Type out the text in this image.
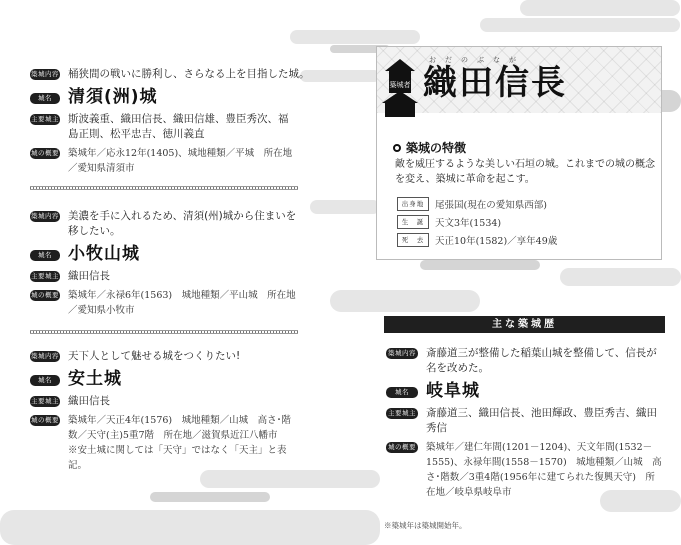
築城内容 桶狭間の戦いに勝利し、さらなる上を目指した城。
城名 清須(洲)城
主要城主 斯波義重、織田信長、織田信雄、豊臣秀次、福島正則、松平忠吉、徳川義直
城の概要 築城年／応永12年(1405)、城地種類／平城　所在地／愛知県清須市
築城内容 美濃を手に入れるため、清須(州)城から住まいを移したい。
城名 小牧山城
主要城主 織田信長
城の概要 築城年／永禄6年(1563)　城地種類／平山城　所在地／愛知県小牧市
築城内容 天下人として魅せる城をつくりたい!
城名 安土城
主要城主 織田信長
城の概要 築城年／天正4年(1576)　城地種類／山城　高さ･階数／天守(主)5重7階　所在地／滋賀県近江八幡市
※安土城に関しては「天守」ではなく「天主」と表記。
築城者
おだのぶなが
織田信長
築城の特徴
敵を威圧するような美しい石垣の城。これまでの城の概念を変え、築城に革命を起こす。
出身地	尾張国(現在の愛知県西部)
生　誕	天文3年(1534)
死　去	天正10年(1582)／享年49歳
主な築城歴
築城内容 斎藤道三が整備した稲葉山城を整備して、信長が名を改めた。
城名	岐阜城
主要城主 斎藤道三、織田信長、池田輝政、豊臣秀吉、織田秀信
城の概要 築城年／建仁年間(1201－1204)、天文年間(1532－1555)、永禄年間(1558－1570)　城地種類／山城　高さ･階数／3重4階(1956年に建てられた復興天守)　所在地／岐阜県岐阜市
※築城年は築城開始年。
